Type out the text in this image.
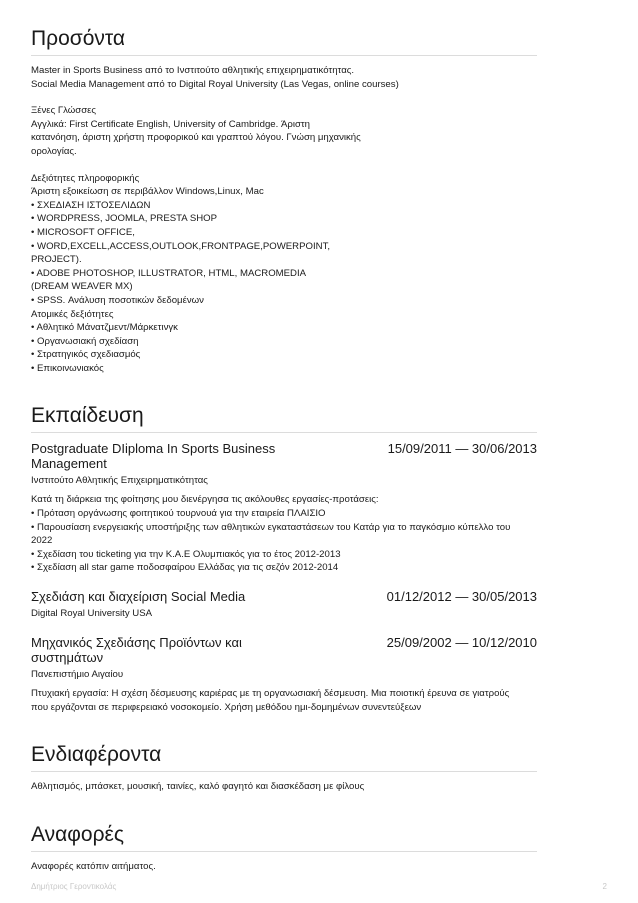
Προσόντα
Master in Sports Business από το Ινστιτούτο αθλητικής επιχειρηματικότητας.
Social Media Management από το Digital Royal University (Las Vegas, online courses)
Ξένες Γλώσσες
Αγγλικά: First Certificate English, University of Cambridge. Άριστη
κατανόηση, άριστη χρήστη προφορικού και γραπτού λόγου. Γνώση μηχανικής
ορολογίας.
Δεξιότητες πληροφορικής
Άριστη εξοικείωση σε περιβάλλον Windows,Linux, Mac
• ΣΧΕΔΙΑΣΗ ΙΣΤΟΣΕΛΙΔΩΝ
• WORDPRESS, JOOMLA, PRESTA SHOP
• MICROSOFT OFFICE,
• WORD,EXCELL,ACCESS,OUTLOOK,FRONTPAGE,POWERPOINT,
PROJECT).
• ADOBE PHOTOSHOP, ILLUSTRATOR, HTML, MACROMEDIA
(DREAM WEAVER MX)
• SPSS. Ανάλυση ποσοτικών δεδομένων
Ατομικές δεξιότητες
• Αθλητικό Μάνατζμεντ/Μάρκετινγκ
• Οργανωσιακή σχεδίαση
• Στρατηγικός σχεδιασμός
• Επικοινωνιακός
Εκπαίδευση
Postgraduate DIiploma In Sports Business Management
15/09/2011 — 30/06/2013
Ινστιτούτο Αθλητικής Επιχειρηματικότητας
Κατά τη διάρκεια της φοίτησης μου διενέργησα τις ακόλουθες εργασίες-προτάσεις:
• Πρόταση οργάνωσης φοιτητικού τουρνουά για την εταιρεία ΠΛΑΙΣΙΟ
• Παρουσίαση ενεργειακής υποστήριξης των αθλητικών εγκαταστάσεων του Κατάρ για το παγκόσμιο κύπελλο του
2022
• Σχεδίαση του ticketing για την Κ.Α.Ε Ολυμπιακός για το έτος 2012-2013
• Σχεδίαση all star game ποδοσφαίρου Ελλάδας για τις σεζόν 2012-2014
Σχεδιάση και διαχείριση Social Media	01/12/2012 — 30/05/2013
Digital Royal University USA
Μηχανικός Σχεδιάσης Προϊόντων και συστημάτων
25/09/2002 — 10/12/2010
Πανεπιστήμιο Αιγαίου
Πτυχιακή εργασία: Η σχέση δέσμευσης καριέρας με τη οργανωσιακή δέσμευση. Μια ποιοτική έρευνα σε γιατρούς
που εργάζονται σε περιφερειακό νοσοκομείο. Χρήση μεθόδου ημι-δομημένων συνεντεύξεων
Ενδιαφέροντα
Αθλητισμός, μπάσκετ, μουσική, ταινίες, καλό φαγητό και διασκέδαση με φίλους
Αναφορές
Αναφορές κατόπιν αιτήματος.
Δημήτριος Γεροντικολάς	2
